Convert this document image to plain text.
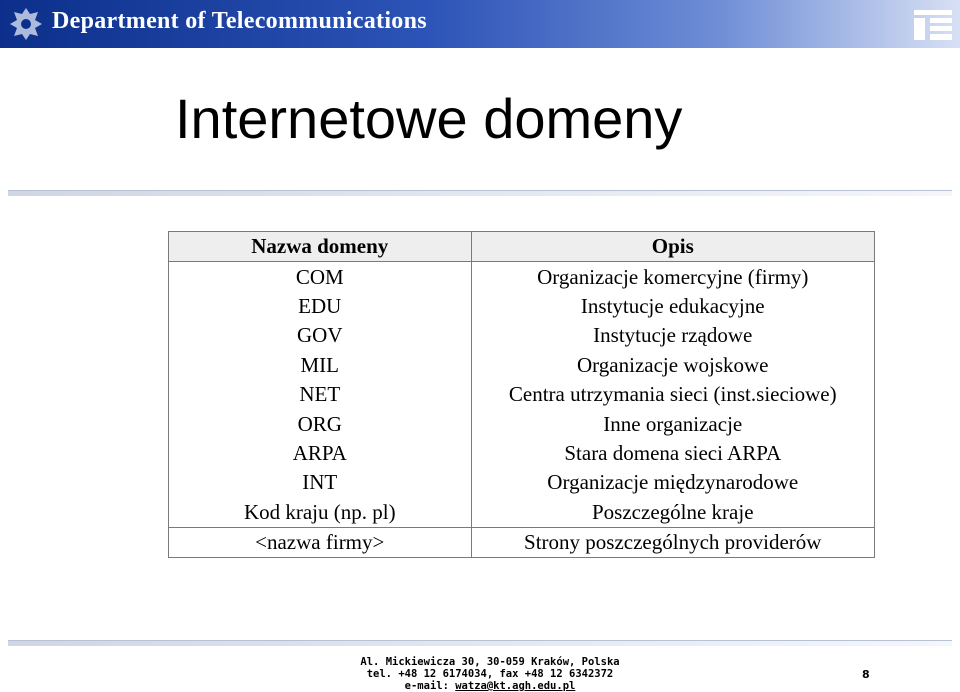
Department of Telecommunications
Internetowe domeny
Nazwa domeny	Opis
COM	Organizacje komercyjne (firmy)
EDU	Instytucje edukacyjne
GOV	Instytucje rządowe
MIL	Organizacje wojskowe
NET	Centra utrzymania sieci (inst.sieciowe)
ORG	Inne organizacje
ARPA	Stara domena sieci ARPA
INT	Organizacje międzynarodowe
Kod kraju (np. pl)	Poszczególne kraje
<nazwa firmy>	Strony poszczególnych providerów
Al. Mickiewicza 30, 30-059 Kraków, Polska
tel. +48 12 6174034, fax +48 12 6342372
e-mail: watza@kt.agh.edu.pl
8
